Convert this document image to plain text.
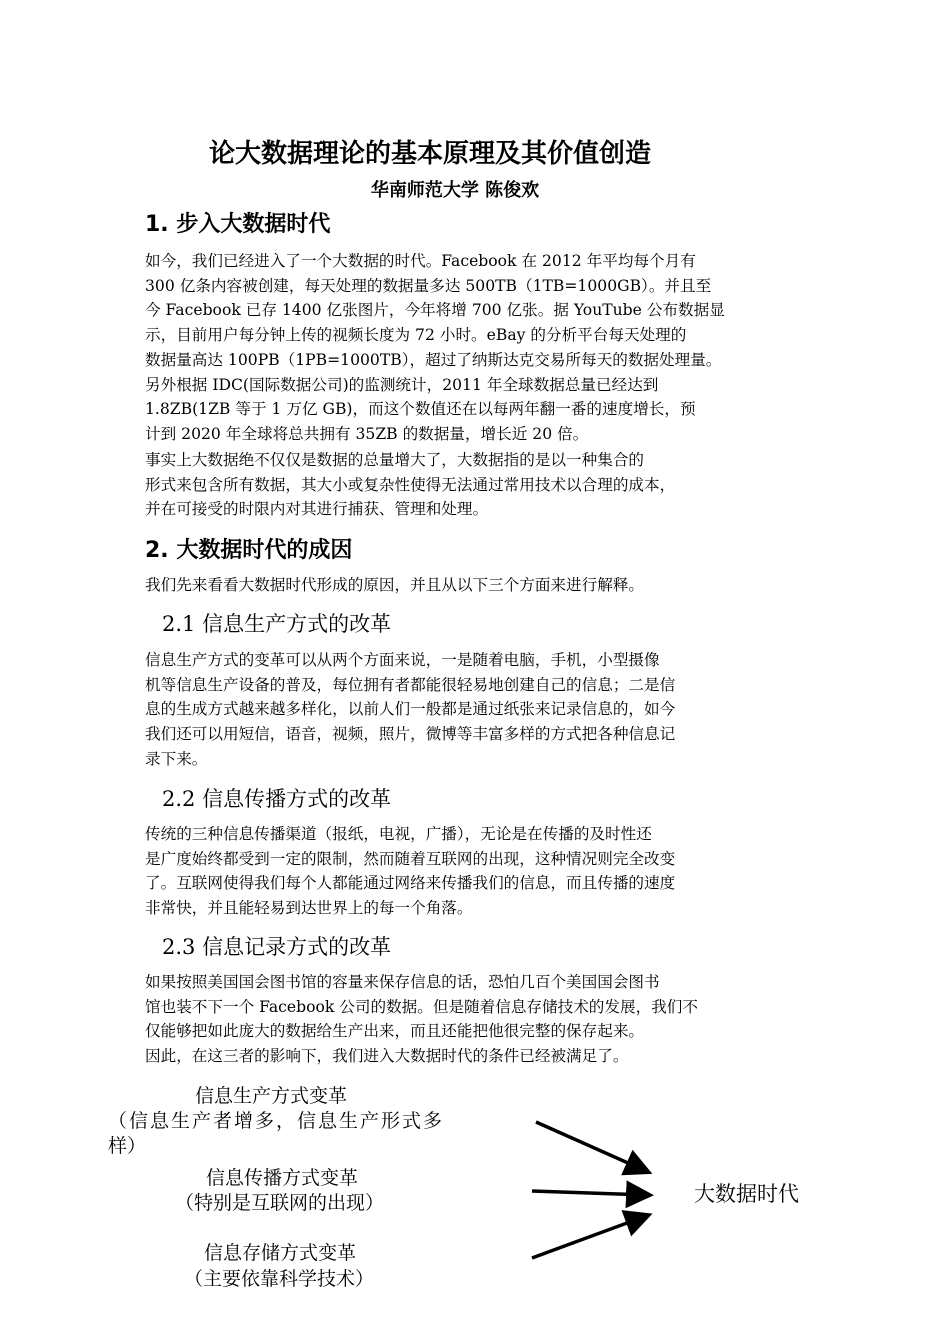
论大数据理论的基本原理及其价值创造
华南师范大学 陈俊欢
1. 步入大数据时代
如今，我们已经进入了一个大数据的时代。Facebook 在 2012 年平均每个月有
300 亿条内容被创建，每天处理的数据量多达 500TB（1TB=1000GB）。并且至
今 Facebook 已存 1400 亿张图片，今年将增 700 亿张。据 YouTube 公布数据显
示，目前用户每分钟上传的视频长度为 72 小时。eBay 的分析平台每天处理的
数据量高达 100PB（1PB=1000TB），超过了纳斯达克交易所每天的数据处理量。
另外根据 IDC(国际数据公司)的监测统计，2011 年全球数据总量已经达到
1.8ZB(1ZB 等于 1 万亿 GB)，而这个数值还在以每两年翻一番的速度增长，预
计到 2020 年全球将总共拥有 35ZB 的数据量，增长近 20 倍。
事实上大数据绝不仅仅是数据的总量增大了，大数据指的是以一种集合的
形式来包含所有数据，其大小或复杂性使得无法通过常用技术以合理的成本，
并在可接受的时限内对其进行捕获、管理和处理。
2. 大数据时代的成因
我们先来看看大数据时代形成的原因，并且从以下三个方面来进行解释。
2.1 信息生产方式的改革
信息生产方式的变革可以从两个方面来说，一是随着电脑，手机，小型摄像
机等信息生产设备的普及，每位拥有者都能很轻易地创建自己的信息；二是信
息的生成方式越来越多样化，以前人们一般都是通过纸张来记录信息的，如今
我们还可以用短信，语音，视频，照片，微博等丰富多样的方式把各种信息记
录下来。
2.2 信息传播方式的改革
传统的三种信息传播渠道（报纸，电视，广播），无论是在传播的及时性还
是广度始终都受到一定的限制，然而随着互联网的出现，这种情况则完全改变
了。互联网使得我们每个人都能通过网络来传播我们的信息，而且传播的速度
非常快，并且能轻易到达世界上的每一个角落。
2.3 信息记录方式的改革
如果按照美国国会图书馆的容量来保存信息的话，恐怕几百个美国国会图书
馆也装不下一个 Facebook 公司的数据。但是随着信息存储技术的发展，我们不
仅能够把如此庞大的数据给生产出来，而且还能把他很完整的保存起来。
因此，在这三者的影响下，我们进入大数据时代的条件已经被满足了。
信息生产方式变革
（信息生产者增多，信息生产形式多
样）
信息传播方式变革
（特别是互联网的出现）
信息存储方式变革
（主要依靠科学技术）
大数据时代
